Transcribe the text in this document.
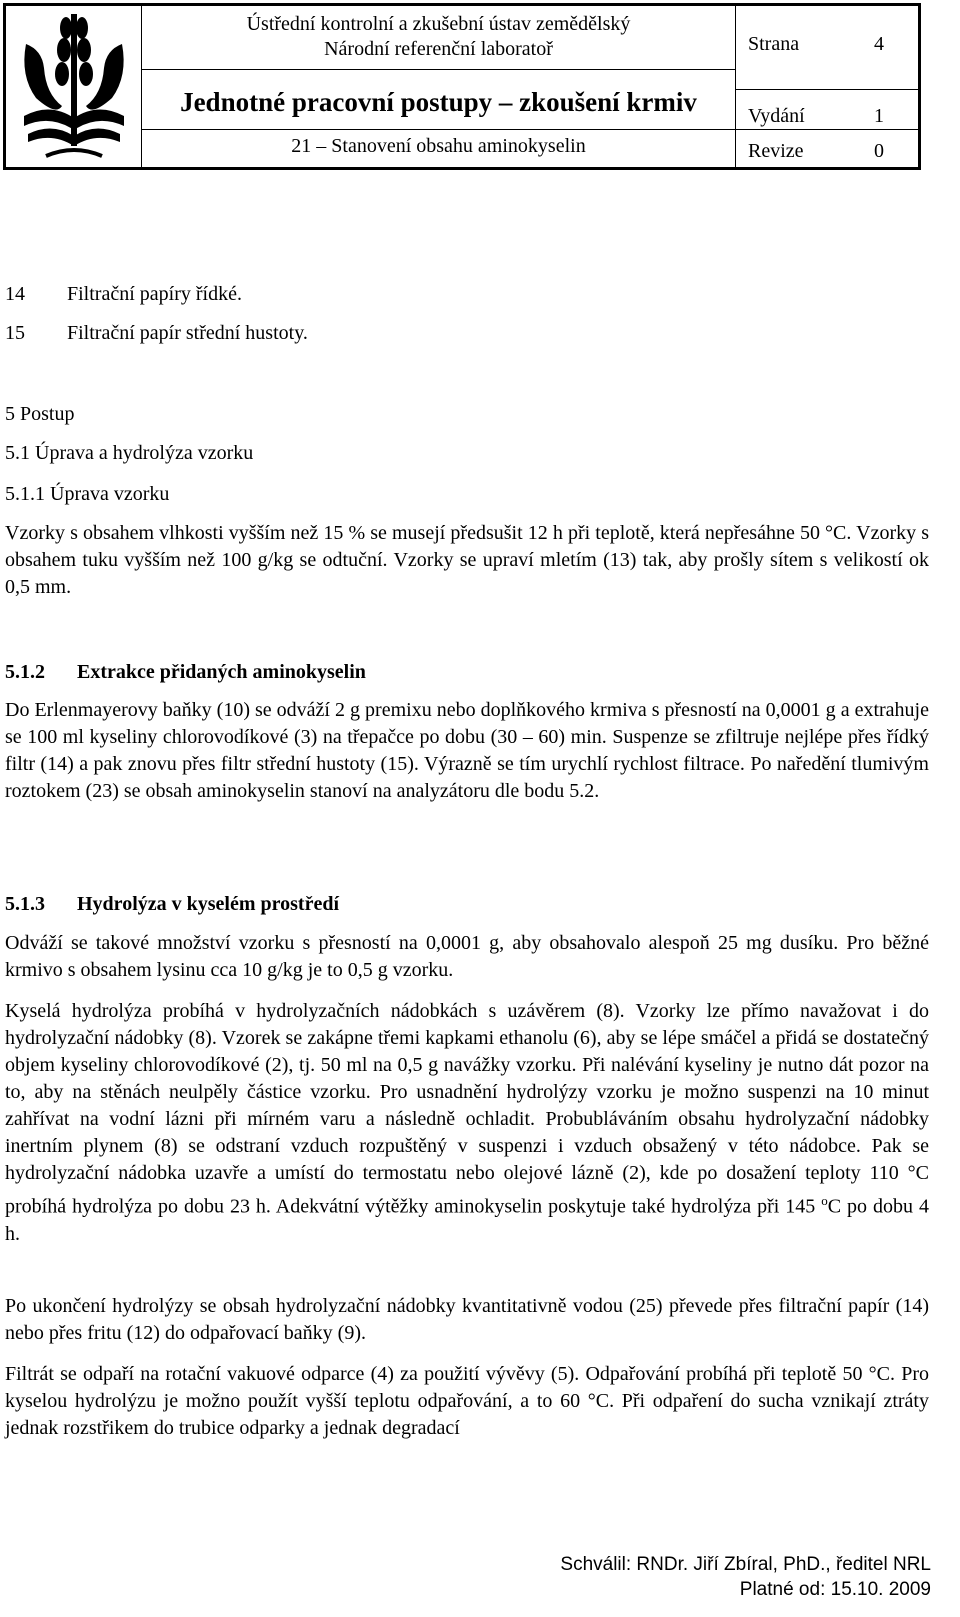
Ústřední kontrolní a zkušební ústav zemědělský
Národní referenční laboratoř
Jednotné pracovní postupy – zkoušení krmiv
21 – Stanovení obsahu aminokyselin
Strana	4
Vydání	1
Revize	0
14 Filtrační papíry řídké.
15 Filtrační papír střední hustoty.
5 Postup
5.1 Úprava a hydrolýza vzorku
5.1.1 Úprava vzorku
Vzorky s obsahem vlhkosti vyšším než 15 % se musejí předsušit 12 h při teplotě, která nepřesáhne 50 °C. Vzorky s obsahem tuku vyšším než 100 g/kg se odtuční. Vzorky se upraví mletím (13) tak, aby prošly sítem s velikostí ok 0,5 mm.
5.1.2 Extrakce přidaných aminokyselin
Do Erlenmayerovy baňky (10) se odváží 2 g premixu nebo doplňkového krmiva s přesností na 0,0001 g a extrahuje se 100 ml kyseliny chlorovodíkové (3) na třepačce po dobu (30 – 60) min. Suspenze se zfiltruje nejlépe přes řídký filtr (14) a pak znovu přes filtr střední hustoty (15). Výrazně se tím urychlí rychlost filtrace. Po naředění tlumivým roztokem (23) se obsah aminokyselin stanoví na analyzátoru dle bodu 5.2.
5.1.3 Hydrolýza v kyselém prostředí
Odváží se takové množství vzorku s přesností na 0,0001 g, aby obsahovalo alespoň 25 mg dusíku. Pro běžné krmivo s obsahem lysinu cca 10 g/kg je to 0,5 g vzorku.
Kyselá hydrolýza probíhá v hydrolyzačních nádobkách s uzávěrem (8). Vzorky lze přímo navažovat i do hydrolyzační nádobky (8). Vzorek se zakápne třemi kapkami ethanolu (6), aby se lépe smáčel a přidá se dostatečný objem kyseliny chlorovodíkové (2), tj. 50 ml na 0,5 g navážky vzorku. Při nalévání kyseliny je nutno dát pozor na to, aby na stěnách neulpěly částice vzorku. Pro usnadnění hydrolýzy vzorku je možno suspenzi na 10 minut zahřívat na vodní lázni při mírném varu a následně ochladit. Probubláváním obsahu hydrolyzační nádobky inertním plynem (8) se odstraní vzduch rozpuštěný v suspenzi i vzduch obsažený v této nádobce. Pak se hydrolyzační nádobka uzavře a umístí do termostatu nebo olejové lázně (2), kde po dosažení teploty 110 °C probíhá hydrolýza po dobu 23 h. Adekvátní výtěžky aminokyselin poskytuje také hydrolýza při 145 $^o$C po dobu 4 h.
Po ukončení hydrolýzy se obsah hydrolyzační nádobky kvantitativně vodou (25) převede přes filtrační papír (14) nebo přes fritu (12) do odpařovací baňky (9).
Filtrát se odpaří na rotační vakuové odparce (4) za použití vývěvy (5). Odpařování probíhá při teplotě 50 °C. Pro kyselou hydrolýzu je možno použít vyšší teplotu odpařování, a to 60 °C. Při odpaření do sucha vznikají ztráty jednak rozstřikem do trubice odparky a jednak degradací
Schválil: RNDr. Jiří Zbíral, PhD., ředitel NRL
Platné od: 15.10. 2009
